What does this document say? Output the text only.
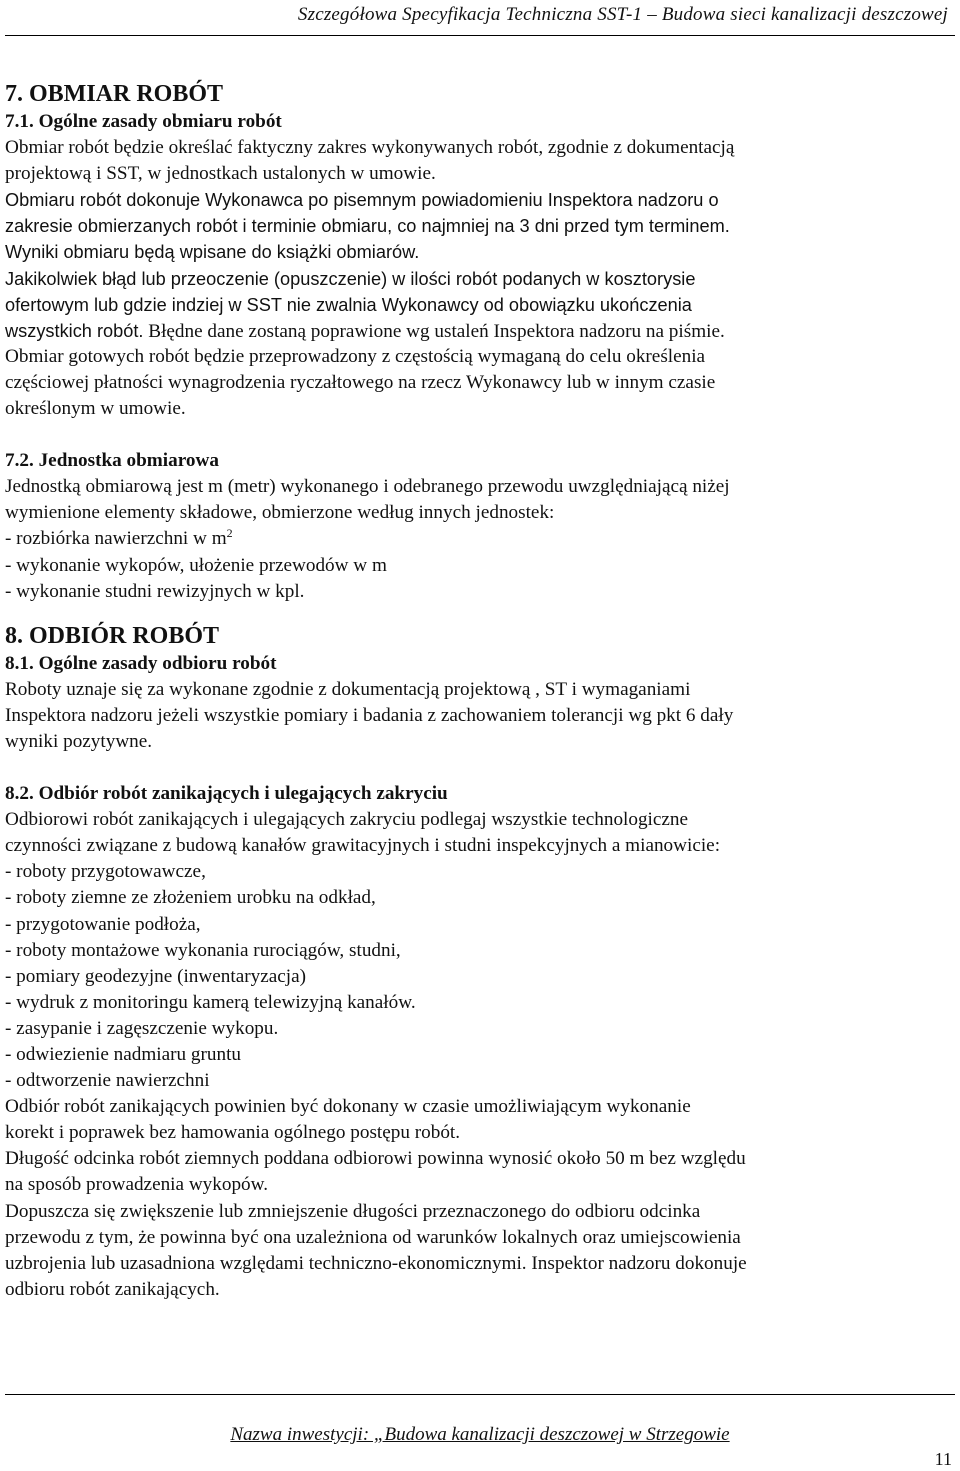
Szczegółowa Specyfikacja Techniczna SST-1 – Budowa sieci kanalizacji deszczowej
7. OBMIAR ROBÓT
7.1. Ogólne zasady obmiaru robót
Obmiar robót będzie określać faktyczny zakres wykonywanych robót, zgodnie z dokumentacją
projektową i SST, w jednostkach ustalonych w umowie.
Obmiaru robót dokonuje Wykonawca po pisemnym powiadomieniu Inspektora nadzoru o
zakresie obmierzanych robót i terminie obmiaru, co najmniej na 3 dni przed tym terminem.
Wyniki obmiaru będą wpisane do książki obmiarów.
Jakikolwiek błąd lub przeoczenie (opuszczenie) w ilości robót podanych w kosztorysie
ofertowym lub gdzie indziej w SST nie zwalnia Wykonawcy od obowiązku ukończenia
wszystkich robót. Błędne dane zostaną poprawione wg ustaleń Inspektora nadzoru na piśmie.
Obmiar gotowych robót będzie przeprowadzony z częstością wymaganą do celu określenia
częściowej płatności wynagrodzenia ryczałtowego na rzecz Wykonawcy lub w innym czasie
określonym w umowie.
7.2. Jednostka obmiarowa
Jednostką obmiarową jest m (metr) wykonanego i odebranego przewodu uwzględniającą niżej
wymienione elementy składowe, obmierzone według innych jednostek:
- rozbiórka nawierzchni w $m^2$
- wykonanie wykopów, ułożenie przewodów w m
- wykonanie studni rewizyjnych w kpl.
8. ODBIÓR ROBÓT
8.1. Ogólne zasady odbioru robót
Roboty uznaje się za wykonane zgodnie z dokumentacją projektową , ST i wymaganiami
Inspektora nadzoru jeżeli wszystkie pomiary i badania z zachowaniem tolerancji wg pkt 6 dały
wyniki pozytywne.
8.2. Odbiór robót zanikających i ulegających zakryciu
Odbiorowi robót zanikających i ulegających zakryciu podlegaj wszystkie technologiczne
czynności związane z budową kanałów grawitacyjnych i studni inspekcyjnych a mianowicie:
- roboty przygotowawcze,
- roboty ziemne ze złożeniem urobku na odkład,
- przygotowanie podłoża,
- roboty montażowe wykonania rurociągów, studni,
- pomiary geodezyjne (inwentaryzacja)
- wydruk z monitoringu kamerą telewizyjną kanałów.
- zasypanie i zagęszczenie wykopu.
- odwiezienie nadmiaru gruntu
- odtworzenie nawierzchni
Odbiór robót zanikających powinien być dokonany w czasie umożliwiającym wykonanie
korekt i poprawek bez hamowania ogólnego postępu robót.
Długość odcinka robót ziemnych poddana odbiorowi powinna wynosić około 50 m bez względu
na sposób prowadzenia wykopów.
Dopuszcza się zwiększenie lub zmniejszenie długości przeznaczonego do odbioru odcinka
przewodu z tym, że powinna być ona uzależniona od warunków lokalnych oraz umiejscowienia
uzbrojenia lub uzasadniona względami techniczno-ekonomicznymi. Inspektor nadzoru dokonuje
odbioru robót zanikających.
Nazwa inwestycji: „Budowa kanalizacji deszczowej w Strzegowie
11
